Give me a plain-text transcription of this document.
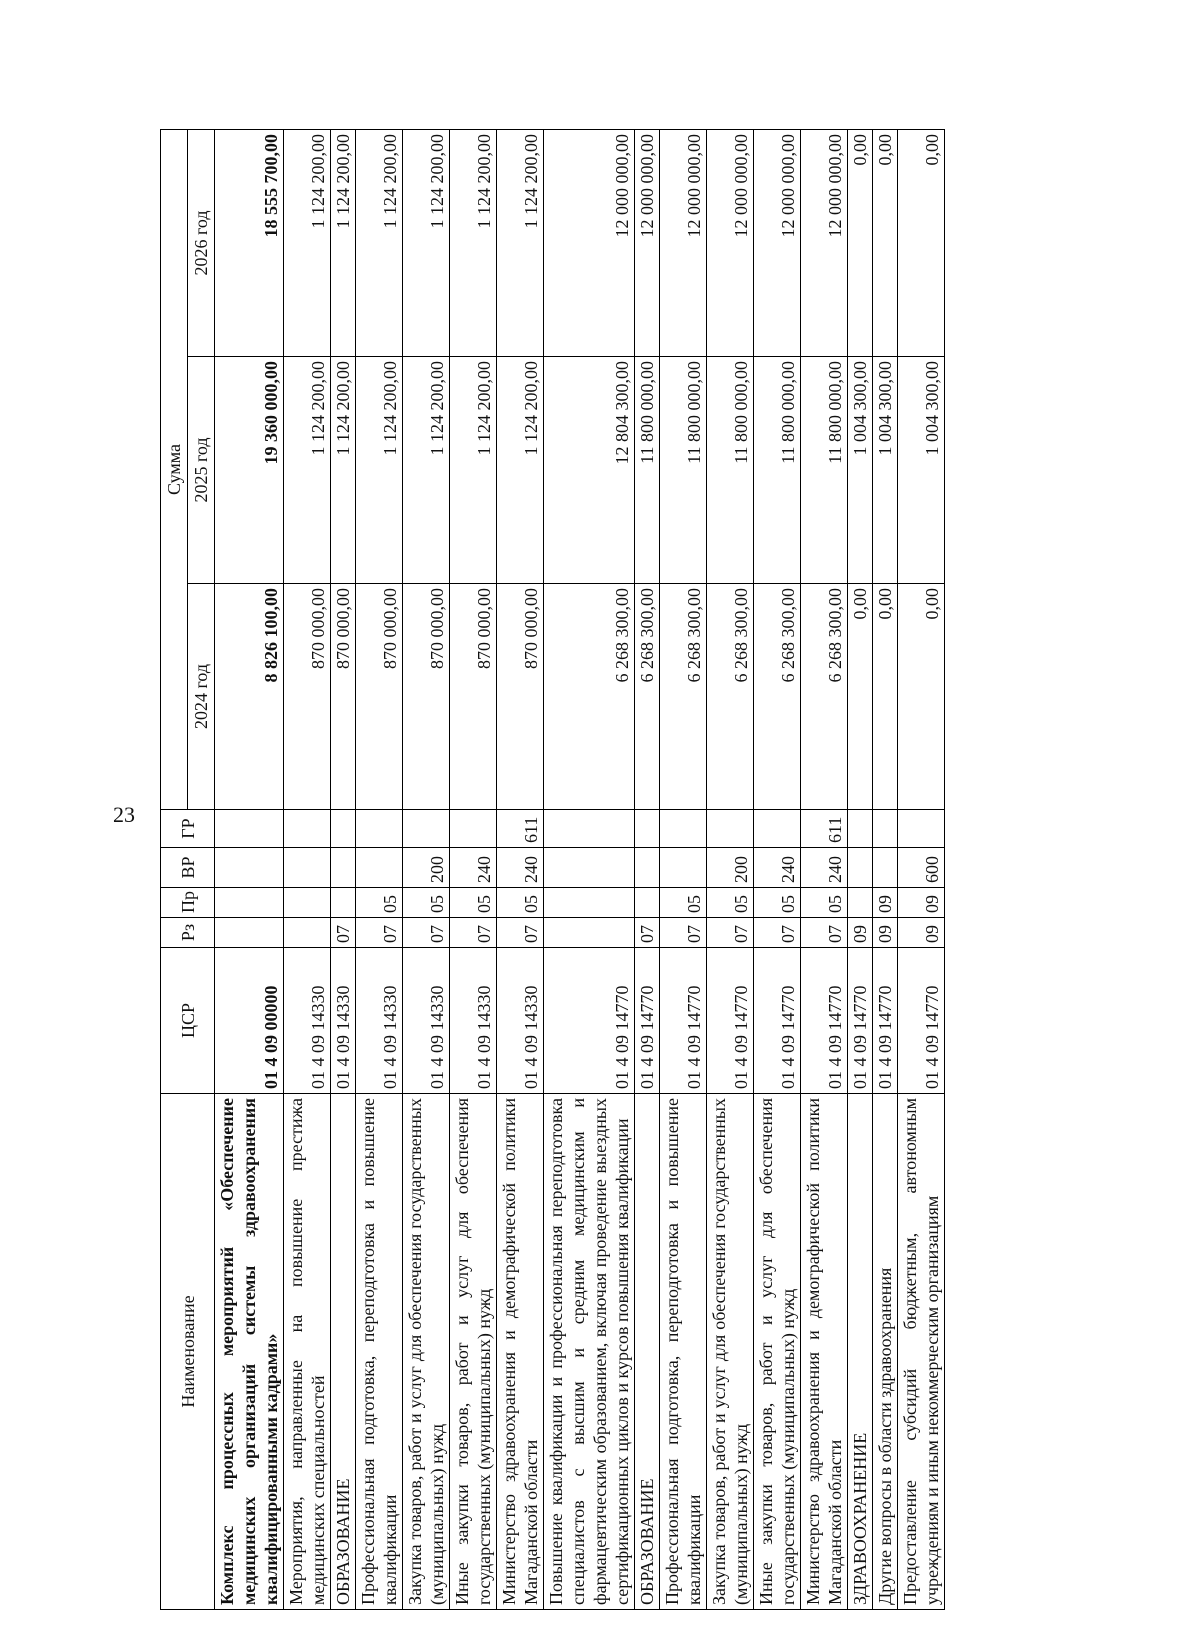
23
Наименование	ЦСР	Рз	Пр	ВР	ГР	Сумма		
						2024 год	2025 год	2026 год
Комплекс процессных мероприятий «Обеспечение медицинских организаций системы здравоохранения квалифицированными кадрами»	01 4 09 00000					8 826 100,00	19 360 000,00	18 555 700,00
Мероприятия, направленные на повышение престижа медицинских специальностей	01 4 09 14330					870 000,00	1 124 200,00	1 124 200,00
ОБРАЗОВАНИЕ	01 4 09 14330	07				870 000,00	1 124 200,00	1 124 200,00
Профессиональная подготовка, переподготовка и повышение квалификации	01 4 09 14330	07	05			870 000,00	1 124 200,00	1 124 200,00
Закупка товаров, работ и услуг для обеспечения государственных (муниципальных) нужд	01 4 09 14330	07	05	200		870 000,00	1 124 200,00	1 124 200,00
Иные закупки товаров, работ и услуг для обеспечения государственных (муниципальных) нужд	01 4 09 14330	07	05	240		870 000,00	1 124 200,00	1 124 200,00
Министерство здравоохранения и демографической политики Магаданской области	01 4 09 14330	07	05	240	611	870 000,00	1 124 200,00	1 124 200,00
Повышение квалификации и профессиональная переподготовка специалистов с высшим и средним медицинским и фармацевтическим образованием, включая проведение выездных сертификационных циклов и курсов повышения квалификации	01 4 09 14770					6 268 300,00	12 804 300,00	12 000 000,00
ОБРАЗОВАНИЕ	01 4 09 14770	07				6 268 300,00	11 800 000,00	12 000 000,00
Профессиональная подготовка, переподготовка и повышение квалификации	01 4 09 14770	07	05			6 268 300,00	11 800 000,00	12 000 000,00
Закупка товаров, работ и услуг для обеспечения государственных (муниципальных) нужд	01 4 09 14770	07	05	200		6 268 300,00	11 800 000,00	12 000 000,00
Иные закупки товаров, работ и услуг для обеспечения государственных (муниципальных) нужд	01 4 09 14770	07	05	240		6 268 300,00	11 800 000,00	12 000 000,00
Министерство здравоохранения и демографической политики Магаданской области	01 4 09 14770	07	05	240	611	6 268 300,00	11 800 000,00	12 000 000,00
ЗДРАВООХРАНЕНИЕ	01 4 09 14770	09				0,00	1 004 300,00	0,00
Другие вопросы в области здравоохранения	01 4 09 14770	09	09			0,00	1 004 300,00	0,00
Предоставление субсидий бюджетным, автономным учреждениям и иным некоммерческим организациям	01 4 09 14770	09	09	600		0,00	1 004 300,00	0,00
